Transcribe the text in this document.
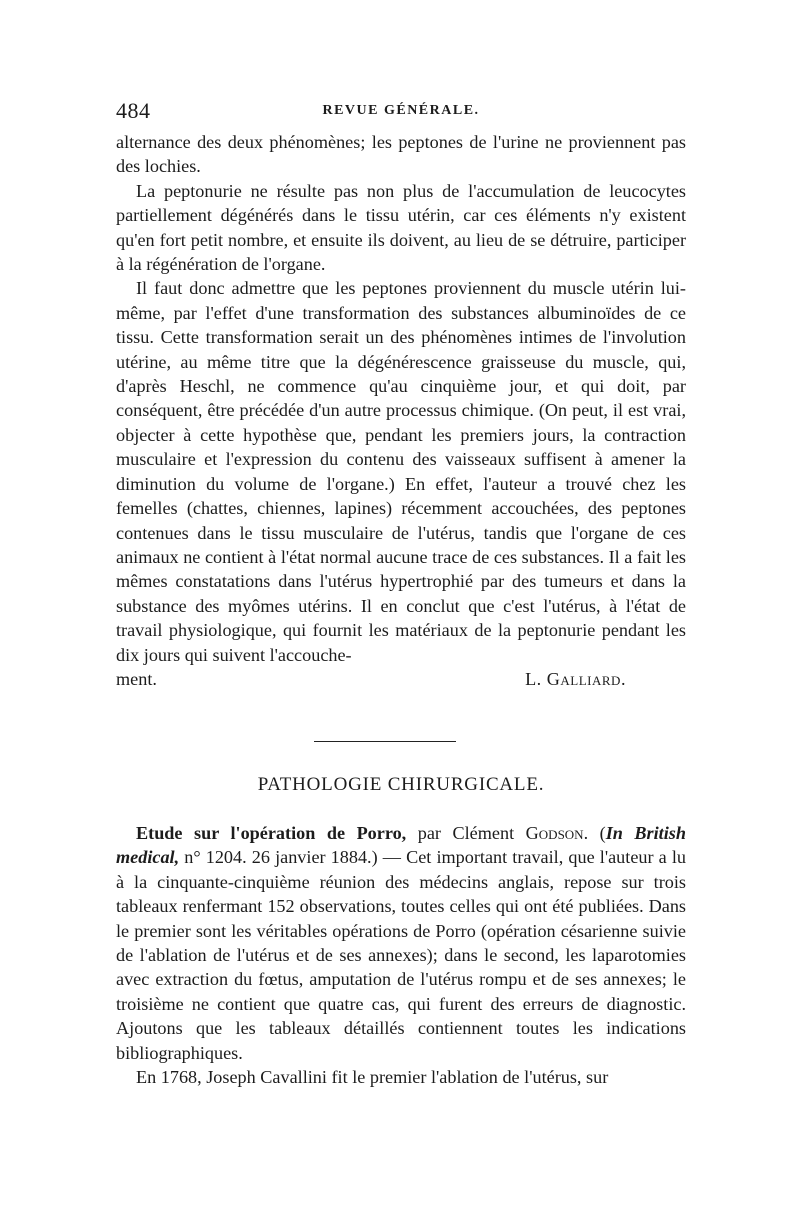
484	REVUE GÉNÉRALE.

alternance des deux phénomènes; les peptones de l'urine ne proviennent pas des lochies.

La peptonurie ne résulte pas non plus de l'accumulation de leucocytes partiellement dégénérés dans le tissu utérin, car ces éléments n'y existent qu'en fort petit nombre, et ensuite ils doivent, au lieu de se détruire, participer à la régénération de l'organe.

Il faut donc admettre que les peptones proviennent du muscle utérin lui-même, par l'effet d'une transformation des substances albuminoïdes de ce tissu. Cette transformation serait un des phénomènes intimes de l'involution utérine, au même titre que la dégénérescence graisseuse du muscle, qui, d'après Heschl, ne commence qu'au cinquième jour, et qui doit, par conséquent, être précédée d'un autre processus chimique. (On peut, il est vrai, objecter à cette hypothèse que, pendant les premiers jours, la contraction musculaire et l'expression du contenu des vaisseaux suffisent à amener la diminution du volume de l'organe.) En effet, l'auteur a trouvé chez les femelles (chattes, chiennes, lapines) récemment accouchées, des peptones contenues dans le tissu musculaire de l'utérus, tandis que l'organe de ces animaux ne contient à l'état normal aucune trace de ces substances. Il a fait les mêmes constatations dans l'utérus hypertrophié par des tumeurs et dans la substance des myômes utérins. Il en conclut que c'est l'utérus, à l'état de travail physiologique, qui fournit les matériaux de la peptonurie pendant les dix jours qui suivent l'accouche-

ment.	L. Galliard.
PATHOLOGIE CHIRURGICALE.

Etude sur l'opération de Porro, par Clément Godson. (In British medical, n° 1204. 26 janvier 1884.) — Cet important travail, que l'auteur a lu à la cinquante-cinquième réunion des médecins anglais, repose sur trois tableaux renfermant 152 observations, toutes celles qui ont été publiées. Dans le premier sont les véritables opérations de Porro (opération césarienne suivie de l'ablation de l'utérus et de ses annexes); dans le second, les laparotomies avec extraction du fœtus, amputation de l'utérus rompu et de ses annexes; le troisième ne contient que quatre cas, qui furent des erreurs de diagnostic. Ajoutons que les tableaux détaillés contiennent toutes les indications bibliographiques.

En 1768, Joseph Cavallini fit le premier l'ablation de l'utérus, sur
